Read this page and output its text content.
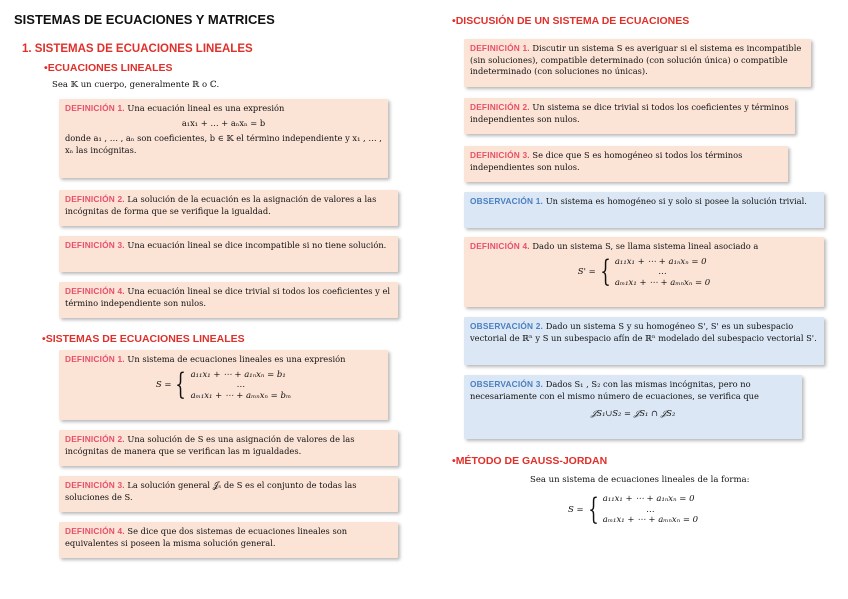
SISTEMAS DE ECUACIONES Y MATRICES
1. SISTEMAS DE ECUACIONES LINEALES
•ECUACIONES LINEALES
Sea 𝕂 un cuerpo, generalmente ℝ o ℂ.
DEFINICIÓN 1. Una ecuación lineal es una expresión
a₁x₁ + … + aₙxₙ = b
donde a₁ , … , aₙ son coeficientes, b ∈ 𝕂 el término independiente y x₁ , … , xₙ las incógnitas.
DEFINICIÓN 2. La solución de la ecuación es la asignación de valores a las incógnitas de forma que se verifique la igualdad.
DEFINICIÓN 3. Una ecuación lineal se dice incompatible si no tiene solución.
DEFINICIÓN 4. Una ecuación lineal se dice trivial si todos los coeficientes y el término independiente son nulos.
•SISTEMAS DE ECUACIONES LINEALES
DEFINICIÓN 1. Un sistema de ecuaciones lineales es una expresión
S = { a₁₁x₁ + ⋯ + a₁ₙxₙ = b₁
…
aₘ₁x₁ + ⋯ + aₘₙxₙ = bₘ
DEFINICIÓN 2. Una solución de S es una asignación de valores de las incógnitas de manera que se verifican las m igualdades.
DEFINICIÓN 3. La solución general 𝒥ₛ de S es el conjunto de todas las soluciones de S.
DEFINICIÓN 4. Se dice que dos sistemas de ecuaciones lineales son equivalentes si poseen la misma solución general.
•DISCUSIÓN DE UN SISTEMA DE ECUACIONES
DEFINICIÓN 1. Discutir un sistema S es averiguar si el sistema es incompatible (sin soluciones), compatible determinado (con solución única) o compatible indeterminado (con soluciones no únicas).
DEFINICIÓN 2. Un sistema se dice trivial si todos los coeficientes y términos independientes son nulos.
DEFINICIÓN 3. Se dice que S es homogéneo si todos los términos independientes son nulos.
OBSERVACIÓN 1. Un sistema es homogéneo si y solo si posee la solución trivial.
DEFINICIÓN 4. Dado un sistema S, se llama sistema lineal asociado a
S' = { a₁₁x₁ + ⋯ + a₁ₙxₙ = 0
…
aₘ₁x₁ + ⋯ + aₘₙxₙ = 0
OBSERVACIÓN 2. Dado un sistema S y su homogéneo S', S' es un subespacio vectorial de ℝⁿ y S un subespacio afín de ℝⁿ modelado del subespacio vectorial S'.
OBSERVACIÓN 3. Dados S₁ , S₂ con las mismas incógnitas, pero no necesariamente con el mismo número de ecuaciones, se verifica que
𝒥S₁∪S₂ = 𝒥S₁ ∩ 𝒥S₂
•MÉTODO DE GAUSS-JORDAN
Sea un sistema de ecuaciones lineales de la forma:
S = { a₁₁x₁ + ⋯ + a₁ₙxₙ = 0
…
aₘ₁x₁ + ⋯ + aₘₙxₙ = 0
